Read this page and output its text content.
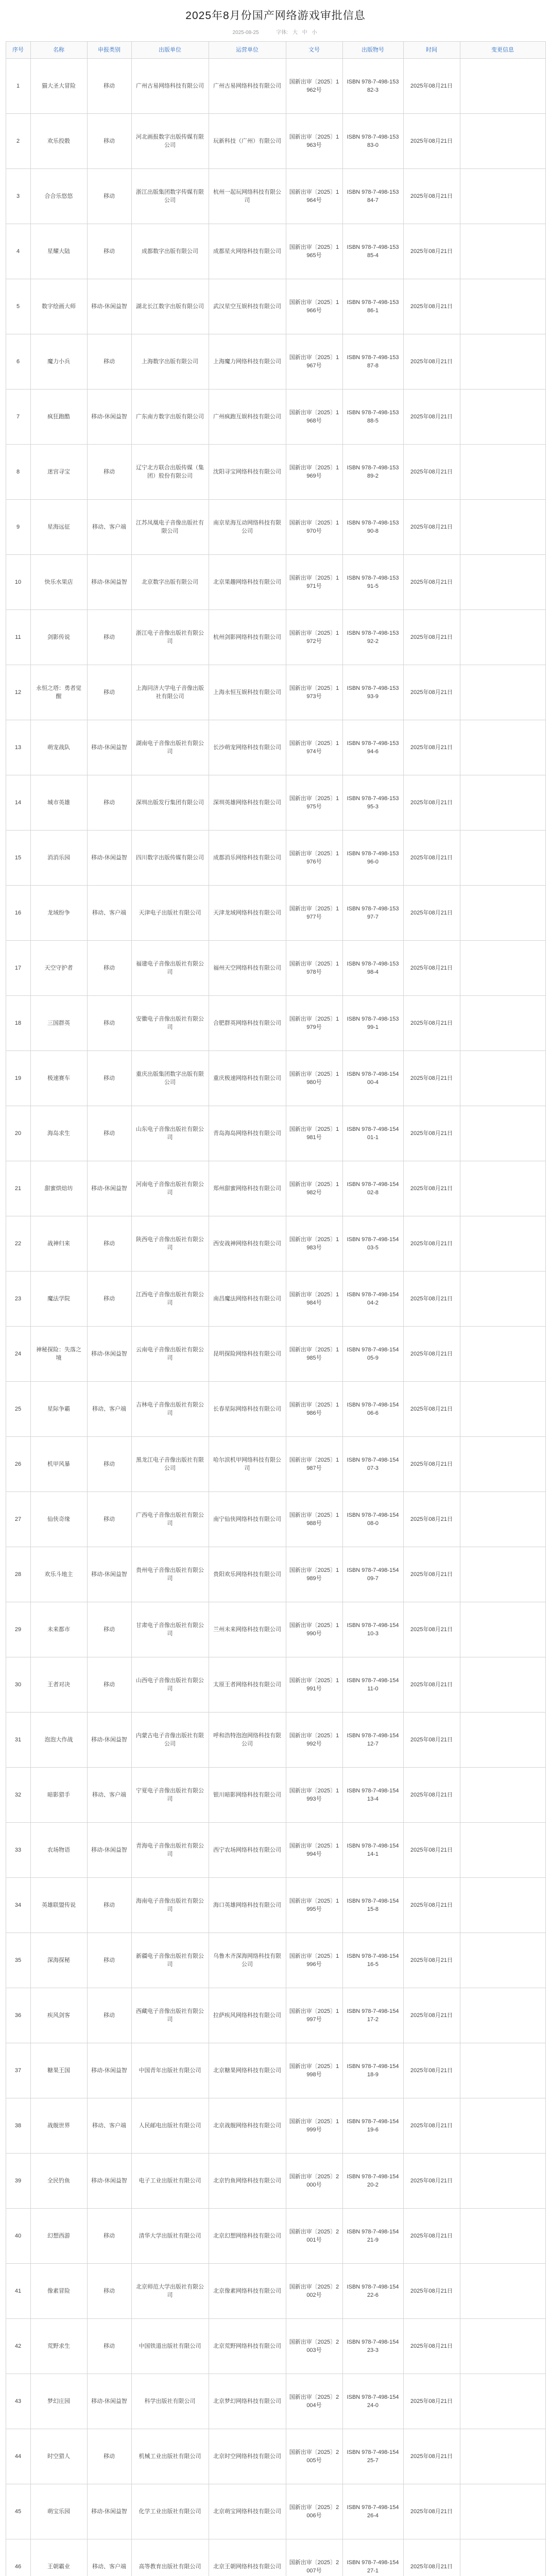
2025年8月份国产网络游戏审批信息
2025-08-25	字体: 大 中 小
序号	名称	申报类别	出版单位	运营单位	文号	出版物号	时间	变更信息
1	猫大圣大冒险	移动	广州古易网络科技有限公司	广州古易网络科技有限公司	国新出审〔2025〕1962号	ISBN 978-7-498-15382-3	2025年08月21日	
2	欢乐投骰	移动	河北画报数字出版传媒有限公司	玩新科技（广州）有限公司	国新出审〔2025〕1963号	ISBN 978-7-498-15383-0	2025年08月21日	
3	合合乐悠悠	移动	浙江出版集团数字传媒有限公司	杭州一起玩网络科技有限公司	国新出审〔2025〕1964号	ISBN 978-7-498-15384-7	2025年08月21日	
4	星耀大陆	移动	成都数字出版有限公司	成都星火网络科技有限公司	国新出审〔2025〕1965号	ISBN 978-7-498-15385-4	2025年08月21日	
5	数字绘画大师	移动-休闲益智	湖北长江数字出版有限公司	武汉星空互娱科技有限公司	国新出审〔2025〕1966号	ISBN 978-7-498-15386-1	2025年08月21日	
6	魔力小兵	移动	上海数字出版有限公司	上海魔力网络科技有限公司	国新出审〔2025〕1967号	ISBN 978-7-498-15387-8	2025年08月21日	
7	疯狂跑酷	移动-休闲益智	广东南方数字出版有限公司	广州疯跑互娱科技有限公司	国新出审〔2025〕1968号	ISBN 978-7-498-15388-5	2025年08月21日	
8	迷宫寻宝	移动	辽宁北方联合出版传媒（集团）股份有限公司	沈阳寻宝网络科技有限公司	国新出审〔2025〕1969号	ISBN 978-7-498-15389-2	2025年08月21日	
9	星海远征	移动、客户端	江苏凤凰电子音像出版社有限公司	南京星海互动网络科技有限公司	国新出审〔2025〕1970号	ISBN 978-7-498-15390-8	2025年08月21日	
10	快乐水果店	移动-休闲益智	北京数字出版有限公司	北京果趣网络科技有限公司	国新出审〔2025〕1971号	ISBN 978-7-498-15391-5	2025年08月21日	
11	剑影传说	移动	浙江电子音像出版社有限公司	杭州剑影网络科技有限公司	国新出审〔2025〕1972号	ISBN 978-7-498-15392-2	2025年08月21日	
12	永恒之塔：勇者觉醒	移动	上海同济大学电子音像出版社有限公司	上海永恒互娱科技有限公司	国新出审〔2025〕1973号	ISBN 978-7-498-15393-9	2025年08月21日	
13	萌宠战队	移动-休闲益智	湖南电子音像出版社有限公司	长沙萌宠网络科技有限公司	国新出审〔2025〕1974号	ISBN 978-7-498-15394-6	2025年08月21日	
14	城市英雄	移动	深圳出版发行集团有限公司	深圳英雄网络科技有限公司	国新出审〔2025〕1975号	ISBN 978-7-498-15395-3	2025年08月21日	
15	消消乐园	移动-休闲益智	四川数字出版传媒有限公司	成都消乐网络科技有限公司	国新出审〔2025〕1976号	ISBN 978-7-498-15396-0	2025年08月21日	
16	龙域纷争	移动、客户端	天津电子出版社有限公司	天津龙域网络科技有限公司	国新出审〔2025〕1977号	ISBN 978-7-498-15397-7	2025年08月21日	
17	天空守护者	移动	福建电子音像出版社有限公司	福州天空网络科技有限公司	国新出审〔2025〕1978号	ISBN 978-7-498-15398-4	2025年08月21日	
18	三国群英	移动	安徽电子音像出版社有限公司	合肥群英网络科技有限公司	国新出审〔2025〕1979号	ISBN 978-7-498-15399-1	2025年08月21日	
19	极速赛车	移动	重庆出版集团数字出版有限公司	重庆极速网络科技有限公司	国新出审〔2025〕1980号	ISBN 978-7-498-15400-4	2025年08月21日	
20	海岛求生	移动	山东电子音像出版社有限公司	青岛海岛网络科技有限公司	国新出审〔2025〕1981号	ISBN 978-7-498-15401-1	2025年08月21日	
21	甜蜜烘焙坊	移动-休闲益智	河南电子音像出版社有限公司	郑州甜蜜网络科技有限公司	国新出审〔2025〕1982号	ISBN 978-7-498-15402-8	2025年08月21日	
22	战神归来	移动	陕西电子音像出版社有限公司	西安战神网络科技有限公司	国新出审〔2025〕1983号	ISBN 978-7-498-15403-5	2025年08月21日	
23	魔法学院	移动	江西电子音像出版社有限公司	南昌魔法网络科技有限公司	国新出审〔2025〕1984号	ISBN 978-7-498-15404-2	2025年08月21日	
24	神秘探险：失落之境	移动-休闲益智	云南电子音像出版社有限公司	昆明探险网络科技有限公司	国新出审〔2025〕1985号	ISBN 978-7-498-15405-9	2025年08月21日	
25	星际争霸	移动、客户端	吉林电子音像出版社有限公司	长春星际网络科技有限公司	国新出审〔2025〕1986号	ISBN 978-7-498-15406-6	2025年08月21日	
26	机甲风暴	移动	黑龙江电子音像出版社有限公司	哈尔滨机甲网络科技有限公司	国新出审〔2025〕1987号	ISBN 978-7-498-15407-3	2025年08月21日	
27	仙侠奇缘	移动	广西电子音像出版社有限公司	南宁仙侠网络科技有限公司	国新出审〔2025〕1988号	ISBN 978-7-498-15408-0	2025年08月21日	
28	欢乐斗地主	移动-休闲益智	贵州电子音像出版社有限公司	贵阳欢乐网络科技有限公司	国新出审〔2025〕1989号	ISBN 978-7-498-15409-7	2025年08月21日	
29	未来都市	移动	甘肃电子音像出版社有限公司	兰州未来网络科技有限公司	国新出审〔2025〕1990号	ISBN 978-7-498-15410-3	2025年08月21日	
30	王者对决	移动	山西电子音像出版社有限公司	太原王者网络科技有限公司	国新出审〔2025〕1991号	ISBN 978-7-498-15411-0	2025年08月21日	
31	泡泡大作战	移动-休闲益智	内蒙古电子音像出版社有限公司	呼和浩特泡泡网络科技有限公司	国新出审〔2025〕1992号	ISBN 978-7-498-15412-7	2025年08月21日	
32	暗影猎手	移动、客户端	宁夏电子音像出版社有限公司	银川暗影网络科技有限公司	国新出审〔2025〕1993号	ISBN 978-7-498-15413-4	2025年08月21日	
33	农场物语	移动-休闲益智	青海电子音像出版社有限公司	西宁农场网络科技有限公司	国新出审〔2025〕1994号	ISBN 978-7-498-15414-1	2025年08月21日	
34	英雄联盟传说	移动	海南电子音像出版社有限公司	海口英雄网络科技有限公司	国新出审〔2025〕1995号	ISBN 978-7-498-15415-8	2025年08月21日	
35	深海探秘	移动	新疆电子音像出版社有限公司	乌鲁木齐深海网络科技有限公司	国新出审〔2025〕1996号	ISBN 978-7-498-15416-5	2025年08月21日	
36	疾风剑客	移动	西藏电子音像出版社有限公司	拉萨疾风网络科技有限公司	国新出审〔2025〕1997号	ISBN 978-7-498-15417-2	2025年08月21日	
37	糖果王国	移动-休闲益智	中国青年出版社有限公司	北京糖果网络科技有限公司	国新出审〔2025〕1998号	ISBN 978-7-498-15418-9	2025年08月21日	
38	战舰世界	移动、客户端	人民邮电出版社有限公司	北京战舰网络科技有限公司	国新出审〔2025〕1999号	ISBN 978-7-498-15419-6	2025年08月21日	
39	全民钓鱼	移动-休闲益智	电子工业出版社有限公司	北京钓鱼网络科技有限公司	国新出审〔2025〕2000号	ISBN 978-7-498-15420-2	2025年08月21日	
40	幻想西游	移动	清华大学出版社有限公司	北京幻想网络科技有限公司	国新出审〔2025〕2001号	ISBN 978-7-498-15421-9	2025年08月21日	
41	像素冒险	移动	北京师范大学出版社有限公司	北京像素网络科技有限公司	国新出审〔2025〕2002号	ISBN 978-7-498-15422-6	2025年08月21日	
42	荒野求生	移动	中国铁道出版社有限公司	北京荒野网络科技有限公司	国新出审〔2025〕2003号	ISBN 978-7-498-15423-3	2025年08月21日	
43	梦幻庄园	移动-休闲益智	科学出版社有限公司	北京梦幻网络科技有限公司	国新出审〔2025〕2004号	ISBN 978-7-498-15424-0	2025年08月21日	
44	时空猎人	移动	机械工业出版社有限公司	北京时空网络科技有限公司	国新出审〔2025〕2005号	ISBN 978-7-498-15425-7	2025年08月21日	
45	萌宝乐园	移动-休闲益智	化学工业出版社有限公司	北京萌宝网络科技有限公司	国新出审〔2025〕2006号	ISBN 978-7-498-15426-4	2025年08月21日	
46	王朝霸业	移动、客户端	高等教育出版社有限公司	北京王朝网络科技有限公司	国新出审〔2025〕2007号	ISBN 978-7-498-15427-1	2025年08月21日	
